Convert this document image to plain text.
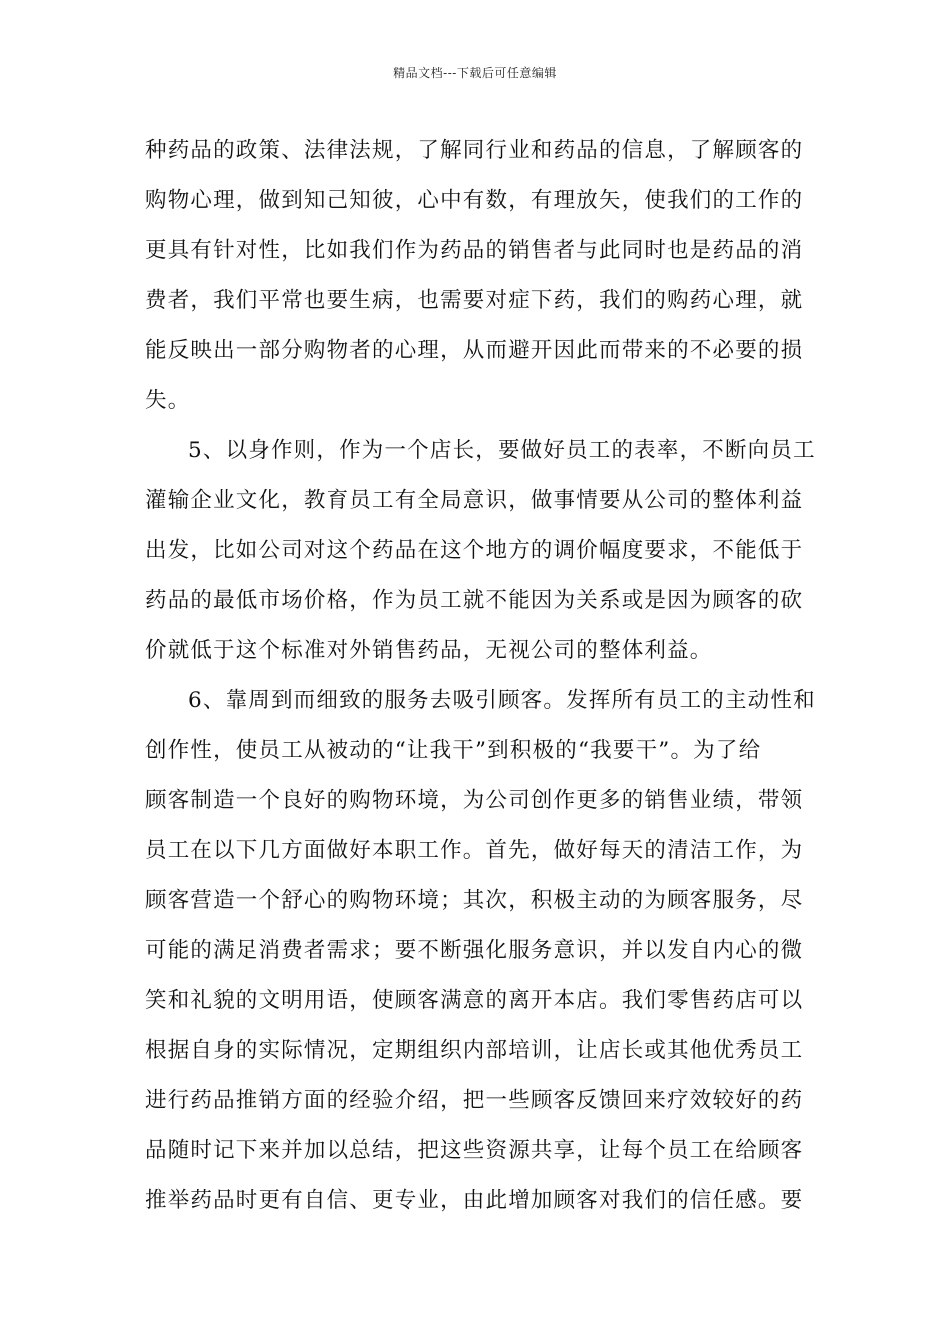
精品文档---下载后可任意编辑
种药品的政策、法律法规，了解同行业和药品的信息，了解顾客的
购物心理，做到知己知彼，心中有数，有理放矢，使我们的工作的
更具有针对性，比如我们作为药品的销售者与此同时也是药品的消
费者，我们平常也要生病，也需要对症下药，我们的购药心理，就
能反映出一部分购物者的心理，从而避开因此而带来的不必要的损
失。
5、以身作则，作为一个店长，要做好员工的表率，不断向员工
灌输企业文化，教育员工有全局意识，做事情要从公司的整体利益
出发，比如公司对这个药品在这个地方的调价幅度要求，不能低于
药品的最低市场价格，作为员工就不能因为关系或是因为顾客的砍
价就低于这个标准对外销售药品，无视公司的整体利益。
6、靠周到而细致的服务去吸引顾客。发挥所有员工的主动性和
创作性，使员工从被动的“让我干”到积极的“我要干”。为了给
顾客制造一个良好的购物环境，为公司创作更多的销售业绩，带领
员工在以下几方面做好本职工作。首先，做好每天的清洁工作，为
顾客营造一个舒心的购物环境；其次，积极主动的为顾客服务，尽
可能的满足消费者需求；要不断强化服务意识，并以发自内心的微
笑和礼貌的文明用语，使顾客满意的离开本店。我们零售药店可以
根据自身的实际情况，定期组织内部培训，让店长或其他优秀员工
进行药品推销方面的经验介绍，把一些顾客反馈回来疗效较好的药
品随时记下来并加以总结，把这些资源共享，让每个员工在给顾客
推举药品时更有自信、更专业，由此增加顾客对我们的信任感。要
